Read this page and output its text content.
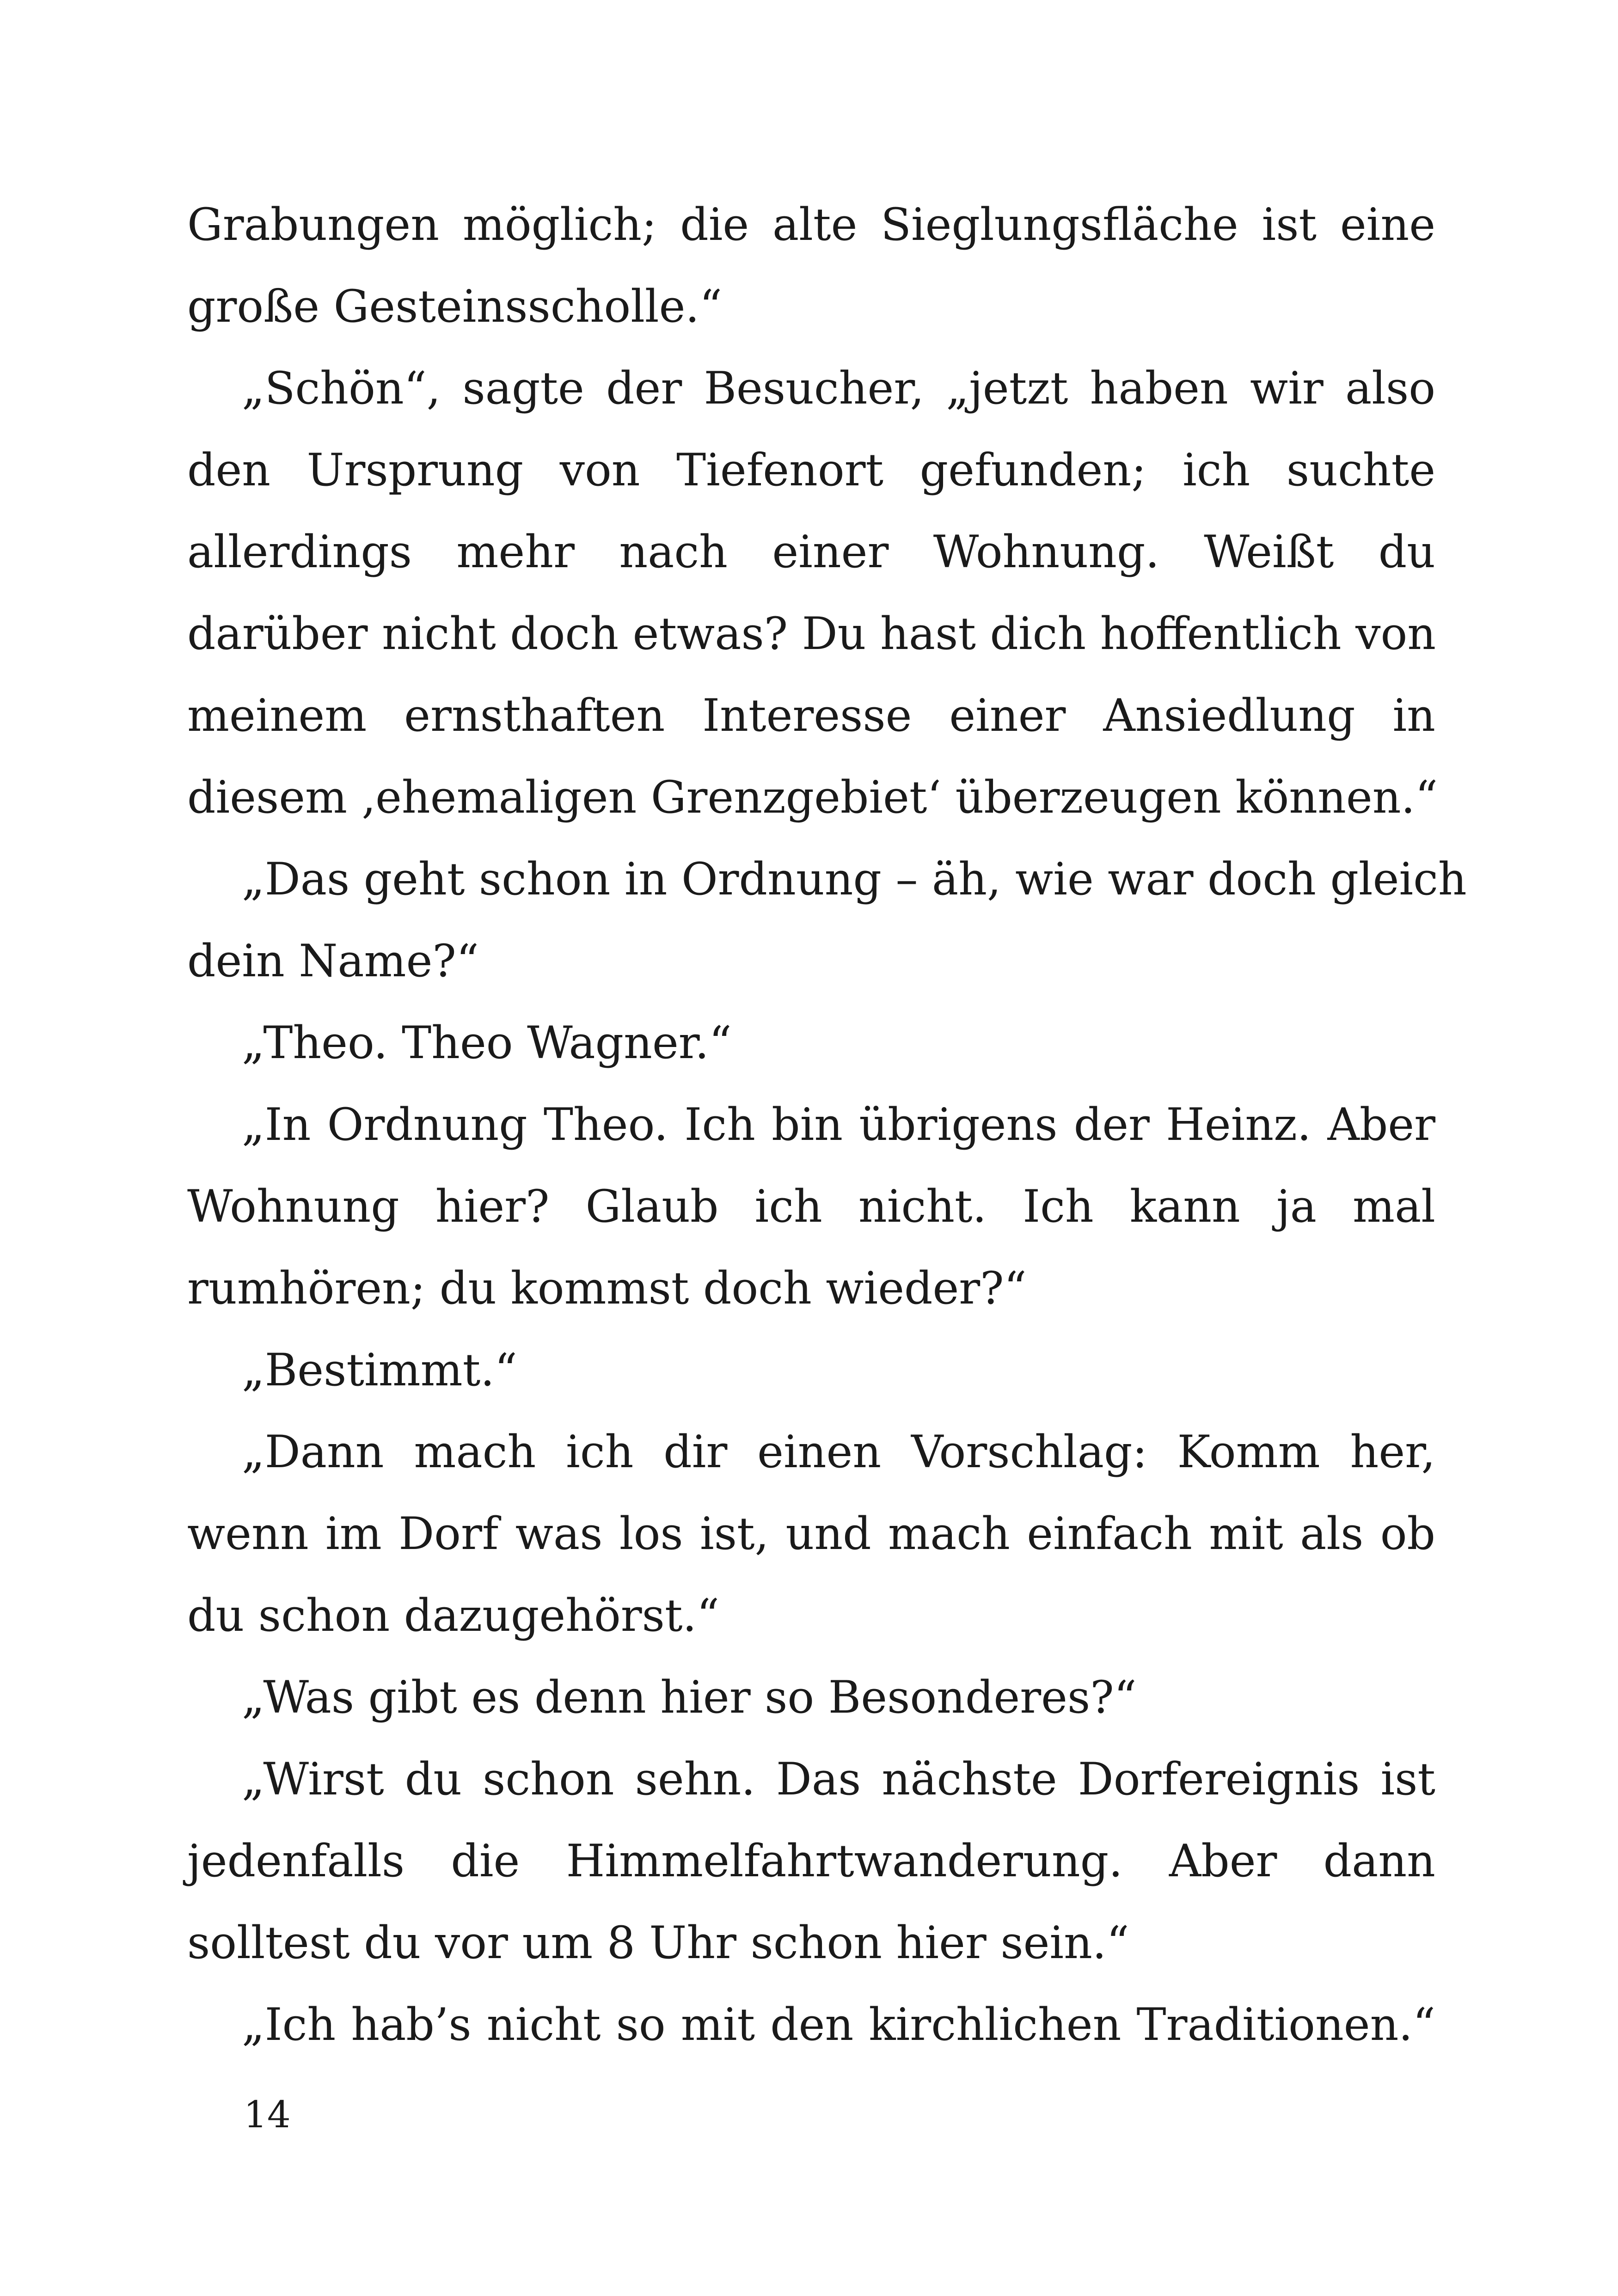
Grabungen möglich; die alte Sieglungsfläche ist eine
große Gesteinsscholle.“
„Schön“, sagte der Besucher, „jetzt haben wir also
den Ursprung von Tiefenort gefunden; ich suchte
allerdings mehr nach einer Wohnung. Weißt du
darüber nicht doch etwas? Du hast dich hoffentlich von
meinem ernsthaften Interesse einer Ansiedlung in
diesem ‚ehemaligen Grenzgebiet‘ überzeugen können.“
„Das geht schon in Ordnung – äh, wie war doch gleich
dein Name?“
„Theo. Theo Wagner.“
„In Ordnung Theo. Ich bin übrigens der Heinz. Aber
Wohnung hier? Glaub ich nicht. Ich kann ja mal
rumhören; du kommst doch wieder?“
„Bestimmt.“
„Dann mach ich dir einen Vorschlag: Komm her,
wenn im Dorf was los ist, und mach einfach mit als ob
du schon dazugehörst.“
„Was gibt es denn hier so Besonderes?“
„Wirst du schon sehn. Das nächste Dorfereignis ist
jedenfalls die Himmelfahrtwanderung. Aber dann
solltest du vor um 8 Uhr schon hier sein.“
„Ich hab’s nicht so mit den kirchlichen Traditionen.“
14
